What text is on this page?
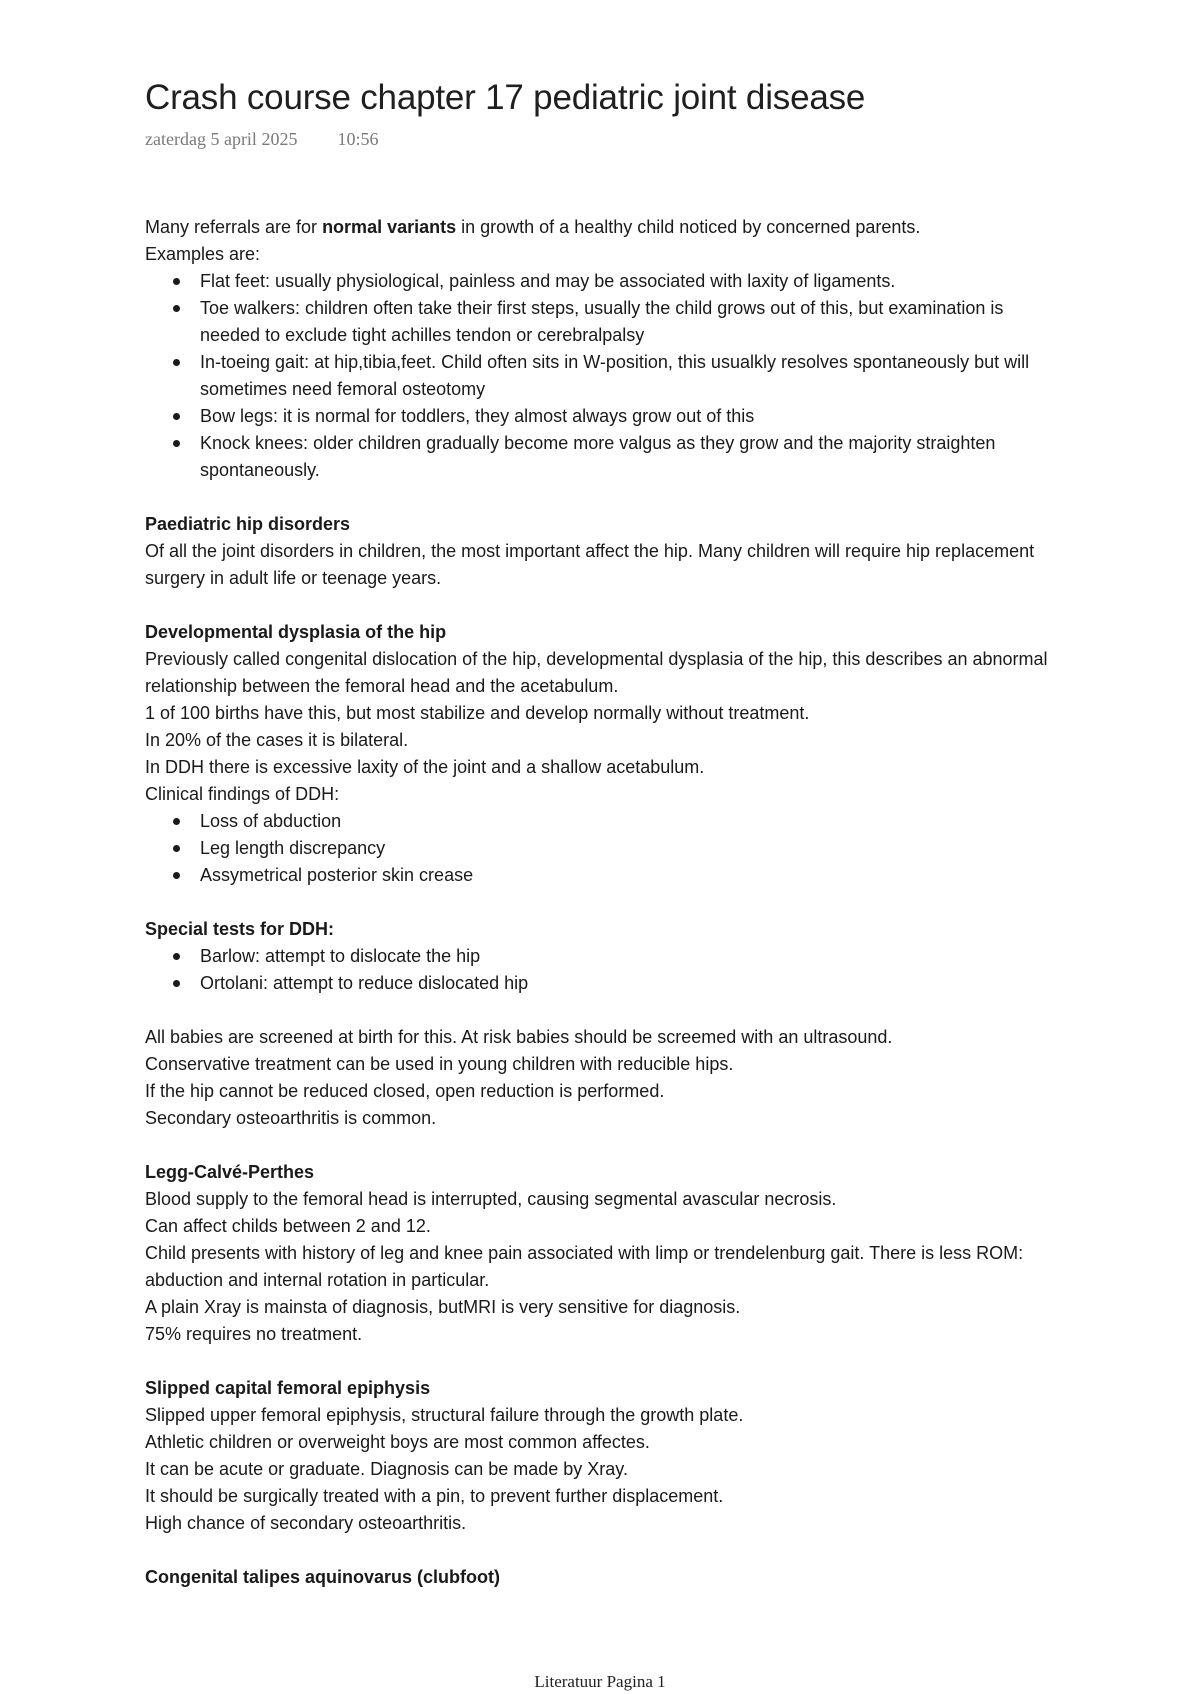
Crash course chapter 17 pediatric joint disease
zaterdag 5 april 2025 10:56

Many referrals are for normal variants in growth of a healthy child noticed by concerned parents.

Examples are:

Flat feet: usually physiological, painless and may be associated with laxity of ligaments.
Toe walkers: children often take their first steps, usually the child grows out of this, but examination is needed to exclude tight achilles tendon or cerebralpalsy
In-toeing gait: at hip,tibia,feet. Child often sits in W-position, this usualkly resolves spontaneously but will sometimes need femoral osteotomy
Bow legs: it is normal for toddlers, they almost always grow out of this
Knock knees: older children gradually become more valgus as they grow and the majority straighten spontaneously.

Paediatric hip disorders

Of all the joint disorders in children, the most important affect the hip. Many children will require hip replacement surgery in adult life or teenage years.

Developmental dysplasia of the hip

Previously called congenital dislocation of the hip, developmental dysplasia of the hip, this describes an abnormal relationship between the femoral head and the acetabulum.

1 of 100 births have this, but most stabilize and develop normally without treatment.

In 20% of the cases it is bilateral.

In DDH there is excessive laxity of the joint and a shallow acetabulum.

Clinical findings of DDH:

Loss of abduction
Leg length discrepancy
Assymetrical posterior skin crease

Special tests for DDH:

Barlow: attempt to dislocate the hip
Ortolani: attempt to reduce dislocated hip

All babies are screened at birth for this. At risk babies should be screemed with an ultrasound.

Conservative treatment can be used in young children with reducible hips.

If the hip cannot be reduced closed, open reduction is performed.

Secondary osteoarthritis is common.

Legg-Calvé-Perthes

Blood supply to the femoral head is interrupted, causing segmental avascular necrosis.

Can affect childs between 2 and 12.

Child presents with history of leg and knee pain associated with limp or trendelenburg gait. There is less ROM: abduction and internal rotation in particular.

A plain Xray is mainsta of diagnosis, butMRI is very sensitive for diagnosis.

75% requires no treatment.

Slipped capital femoral epiphysis

Slipped upper femoral epiphysis, structural failure through the growth plate.

Athletic children or overweight boys are most common affectes.

It can be acute or graduate. Diagnosis can be made by Xray.

It should be surgically treated with a pin, to prevent further displacement.

High chance of secondary osteoarthritis.

Congenital talipes aquinovarus (clubfoot)

Literatuur Pagina 1
